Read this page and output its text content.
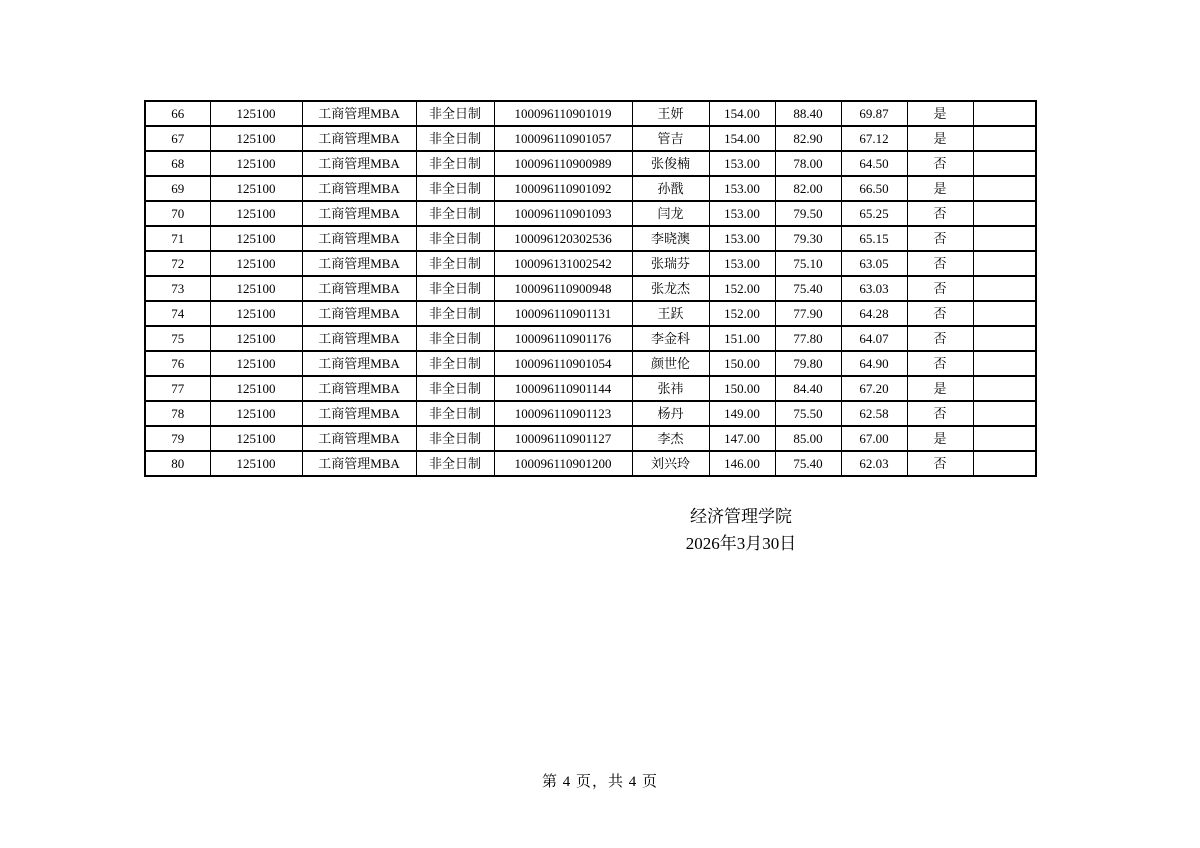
66	125100	工商管理MBA	非全日制	100096110901019	王妍	154.00	88.40	69.87	是	
67	125100	工商管理MBA	非全日制	100096110901057	管吉	154.00	82.90	67.12	是	
68	125100	工商管理MBA	非全日制	100096110900989	张俊楠	153.00	78.00	64.50	否	
69	125100	工商管理MBA	非全日制	100096110901092	孙戬	153.00	82.00	66.50	是	
70	125100	工商管理MBA	非全日制	100096110901093	闫龙	153.00	79.50	65.25	否	
71	125100	工商管理MBA	非全日制	100096120302536	李晓澳	153.00	79.30	65.15	否	
72	125100	工商管理MBA	非全日制	100096131002542	张瑞芬	153.00	75.10	63.05	否	
73	125100	工商管理MBA	非全日制	100096110900948	张龙杰	152.00	75.40	63.03	否	
74	125100	工商管理MBA	非全日制	100096110901131	王跃	152.00	77.90	64.28	否	
75	125100	工商管理MBA	非全日制	100096110901176	李金科	151.00	77.80	64.07	否	
76	125100	工商管理MBA	非全日制	100096110901054	颜世伦	150.00	79.80	64.90	否	
77	125100	工商管理MBA	非全日制	100096110901144	张祎	150.00	84.40	67.20	是	
78	125100	工商管理MBA	非全日制	100096110901123	杨丹	149.00	75.50	62.58	否	
79	125100	工商管理MBA	非全日制	100096110901127	李杰	147.00	85.00	67.00	是	
80	125100	工商管理MBA	非全日制	100096110901200	刘兴玲	146.00	75.40	62.03	否	
经济管理学院
2026年3月30日
第 4 页，共 4 页
